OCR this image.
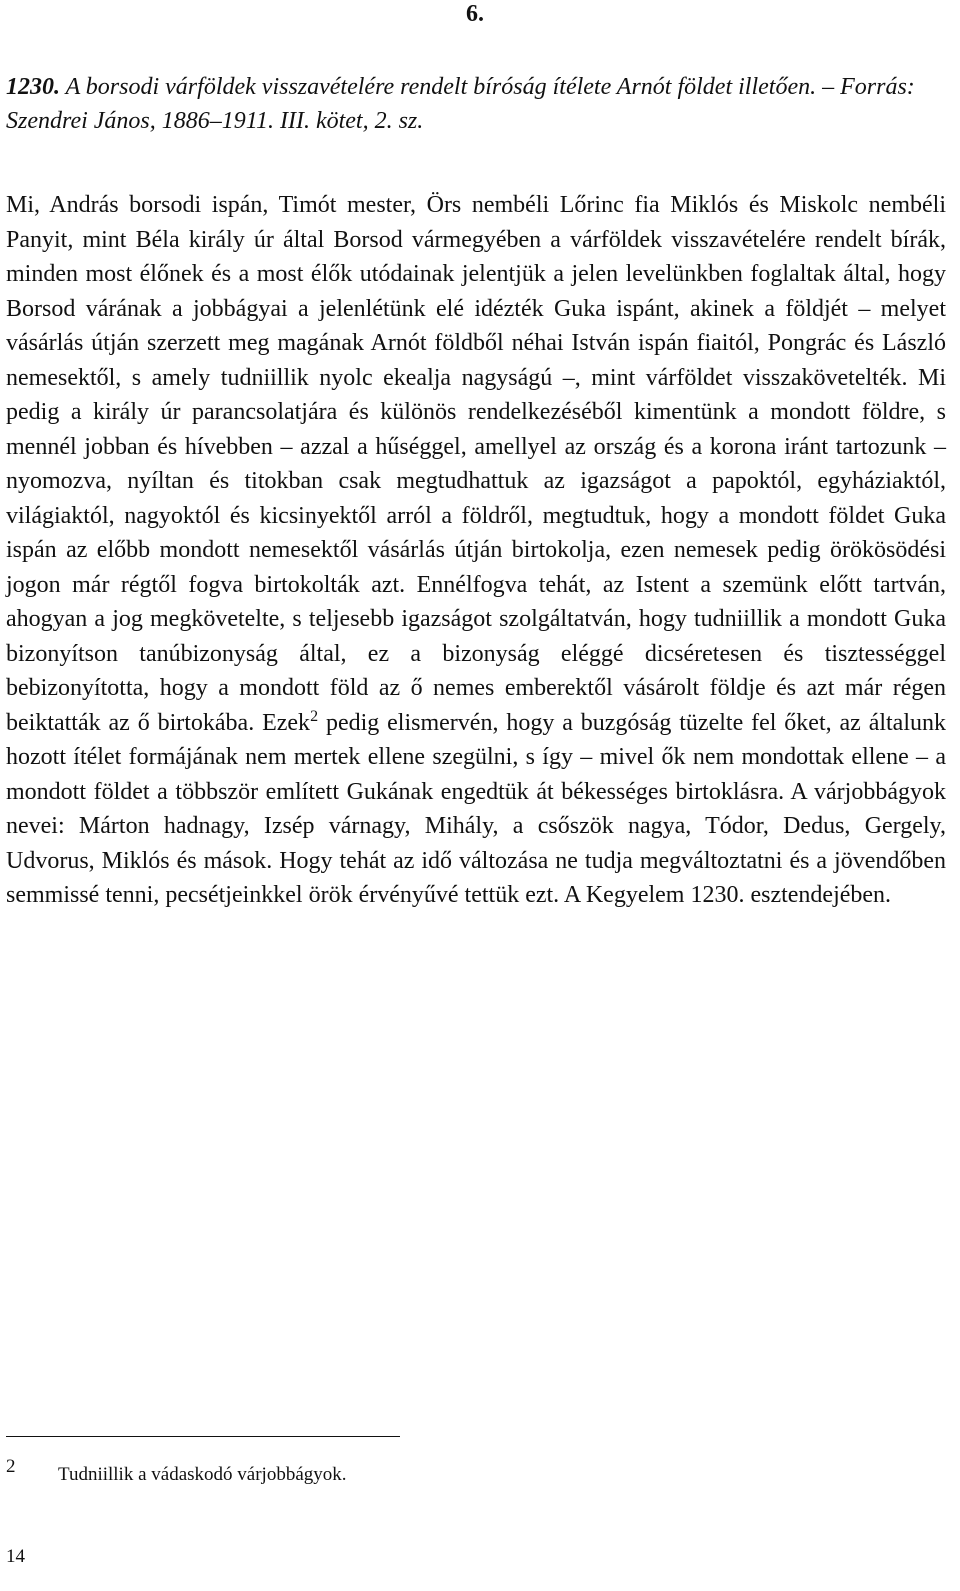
6.
1230. A borsodi várföldek visszavételére rendelt bíróság ítélete Arnót földet illetően. – Forrás: Szendrei János, 1886–1911. III. kötet, 2. sz.

Mi, András borsodi ispán, Timót mester, Örs nembéli Lőrinc fia Miklós és Miskolc nembéli Panyit, mint Béla király úr által Borsod vármegyében a várföldek visszavételére rendelt bírák, minden most élőnek és a most élők utódainak jelentjük a jelen levelünkben foglaltak által, hogy Borsod várának a jobbágyai a jelenlétünk elé idézték Guka ispánt, akinek a földjét – melyet vásárlás útján szerzett meg magának Arnót földből néhai István ispán fiaitól, Pongrác és László nemesektől, s amely tudniillik nyolc ekealja nagyságú –, mint várföldet visszakövetelték. Mi pedig a király úr parancsolatjára és különös rendelkezéséből kimentünk a mondott földre, s mennél jobban és hívebben – azzal a hűséggel, amellyel az ország és a korona iránt tartozunk – nyomozva, nyíltan és titokban csak megtudhattuk az igazságot a papoktól, egyháziaktól, világiaktól, nagyoktól és kicsinyektől arról a földről, megtudtuk, hogy a mondott földet Guka ispán az előbb mondott nemesektől vásárlás útján birtokolja, ezen nemesek pedig örökösödési jogon már régtől fogva birtokolták azt. Ennélfogva tehát, az Istent a szemünk előtt tartván, ahogyan a jog megkövetelte, s teljesebb igazságot szolgáltatván, hogy tudniillik a mondott Guka bizonyítson tanúbizonyság által, ez a bizonyság eléggé dicséretesen és tisztességgel bebizonyította, hogy a mondott föld az ő nemes emberektől vásárolt földje és azt már régen beiktatták az ő birtokába. Ezek$^2$ pedig elismervén, hogy a buzgóság tüzelte fel őket, az általunk hozott ítélet formájának nem mertek ellene szegülni, s így – mivel ők nem mondottak ellene – a mondott földet a többször említett Gukának engedtük át békességes birtoklásra. A várjobbágyok nevei: Márton hadnagy, Izsép várnagy, Mihály, a csőszök nagya, Tódor, Dedus, Gergely, Udvorus, Miklós és mások. Hogy tehát az idő változása ne tudja megváltoztatni és a jövendőben semmissé tenni, pecsétjeinkkel örök érvényűvé tettük ezt. A Kegyelem 1230. esztendejében.

2 Tudniillik a vádaskodó várjobbágyok.
14
